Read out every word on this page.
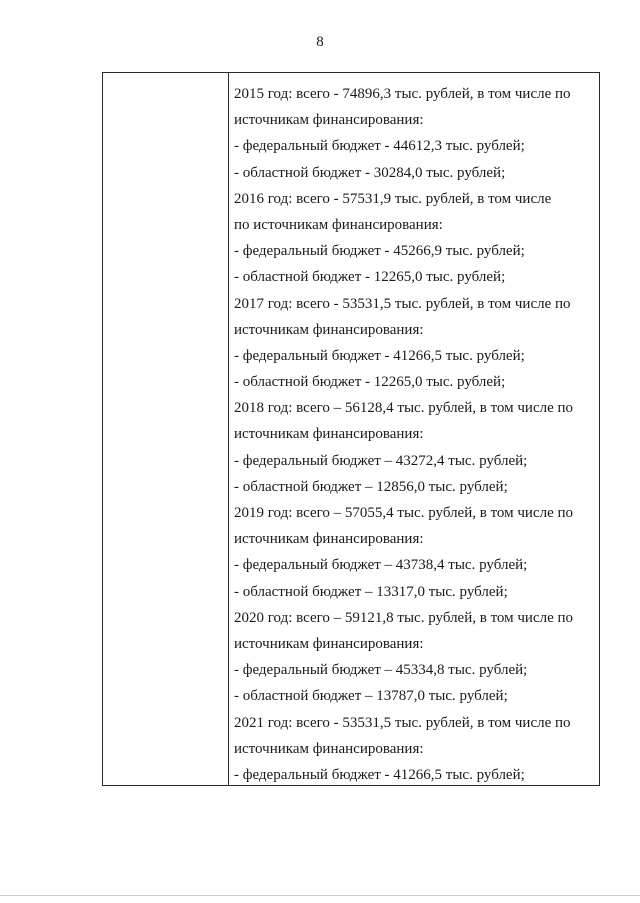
8
2015 год: всего - 74896,3 тыс. рублей, в том числе по
источникам финансирования:
- федеральный бюджет - 44612,3 тыс. рублей;
- областной бюджет - 30284,0 тыс. рублей;
2016 год: всего - 57531,9 тыс. рублей, в том числе
по источникам финансирования:
- федеральный бюджет - 45266,9 тыс. рублей;
- областной бюджет - 12265,0 тыс. рублей;
2017 год: всего - 53531,5 тыс. рублей, в том числе по
источникам финансирования:
- федеральный бюджет - 41266,5 тыс. рублей;
- областной бюджет - 12265,0 тыс. рублей;
2018 год: всего – 56128,4 тыс. рублей, в том числе по
источникам финансирования:
- федеральный бюджет – 43272,4 тыс. рублей;
- областной бюджет – 12856,0 тыс. рублей;
2019 год: всего – 57055,4 тыс. рублей, в том числе по
источникам финансирования:
- федеральный бюджет – 43738,4 тыс. рублей;
- областной бюджет – 13317,0 тыс. рублей;
2020 год: всего – 59121,8 тыс. рублей, в том числе по
источникам финансирования:
- федеральный бюджет – 45334,8 тыс. рублей;
- областной бюджет – 13787,0 тыс. рублей;
2021 год: всего - 53531,5 тыс. рублей, в том числе по
источникам финансирования:
- федеральный бюджет - 41266,5 тыс. рублей;
